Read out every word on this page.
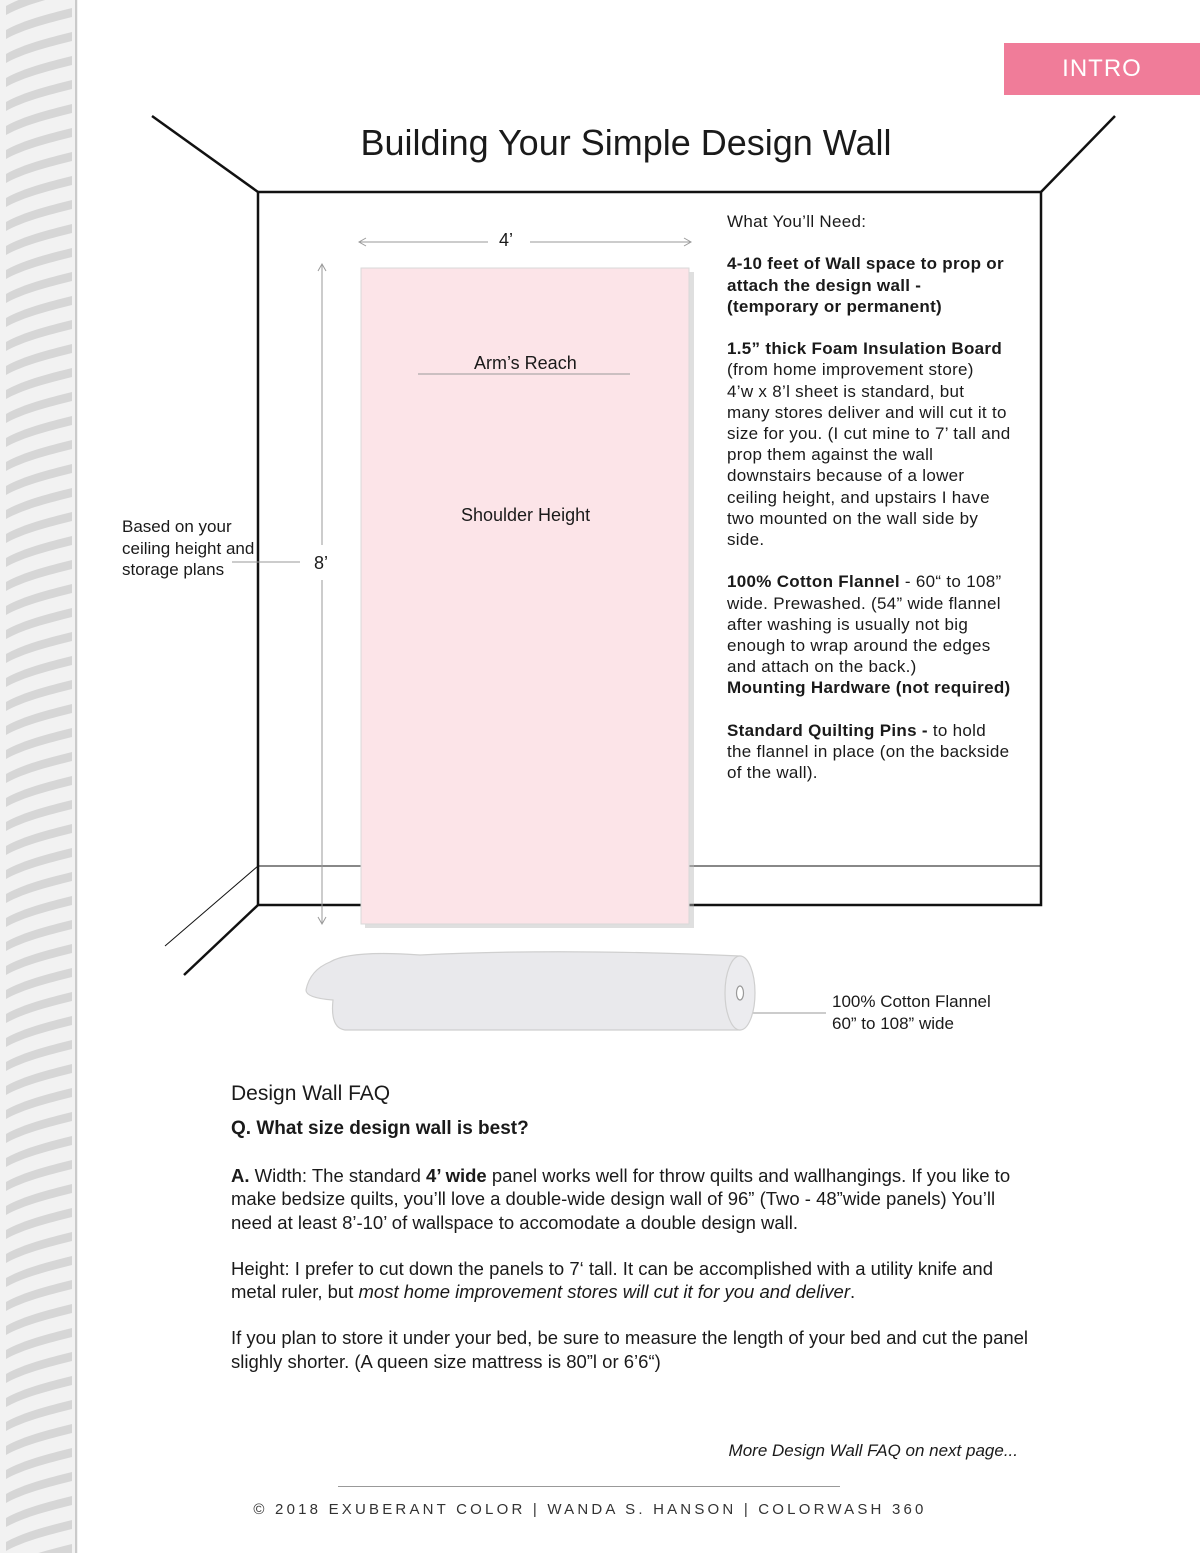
INTRO
Building Your Simple Design Wall
4’
8’
Arm’s Reach
Shoulder Height
Based on your ceiling height and storage plans
100% Cotton Flannel
60” to 108” wide

What You’ll Need:

4-10 feet of Wall space to prop or attach the design wall -
(temporary or permanent)

1.5” thick Foam Insulation Board (from home improvement store)
4’w x 8’l sheet is standard, but many stores deliver and will cut it to size for you. (I cut mine to 7’ tall and prop them against the wall downstairs because of a lower ceiling height, and upstairs I have two mounted on the wall side by side.

100% Cotton Flannel - 60“ to 108” wide. Prewashed. (54” wide flannel after washing is usually not big enough to wrap around the edges and attach on the back.)

Mounting Hardware (not required)

Standard Quilting Pins - to hold the flannel in place (on the backside of the wall).

Design Wall FAQ
Q. What size design wall is best?

A. Width: The standard 4’ wide panel works well for throw quilts and wallhangings. If you like to make bedsize quilts, you’ll love a double-wide design wall of 96” (Two - 48”wide panels) You’ll need at least 8’-10’ of wallspace to accomodate a double design wall.

Height: I prefer to cut down the panels to 7‘ tall. It can be accomplished with a utility knife and metal ruler, but most home improvement stores will cut it for you and deliver.

If you plan to store it under your bed, be sure to measure the length of your bed and cut the panel slighly shorter. (A queen size mattress is 80”l or 6’6“)

More Design Wall FAQ on next page...
© 2018 EXUBERANT COLOR | WANDA S. HANSON | COLORWASH 360
